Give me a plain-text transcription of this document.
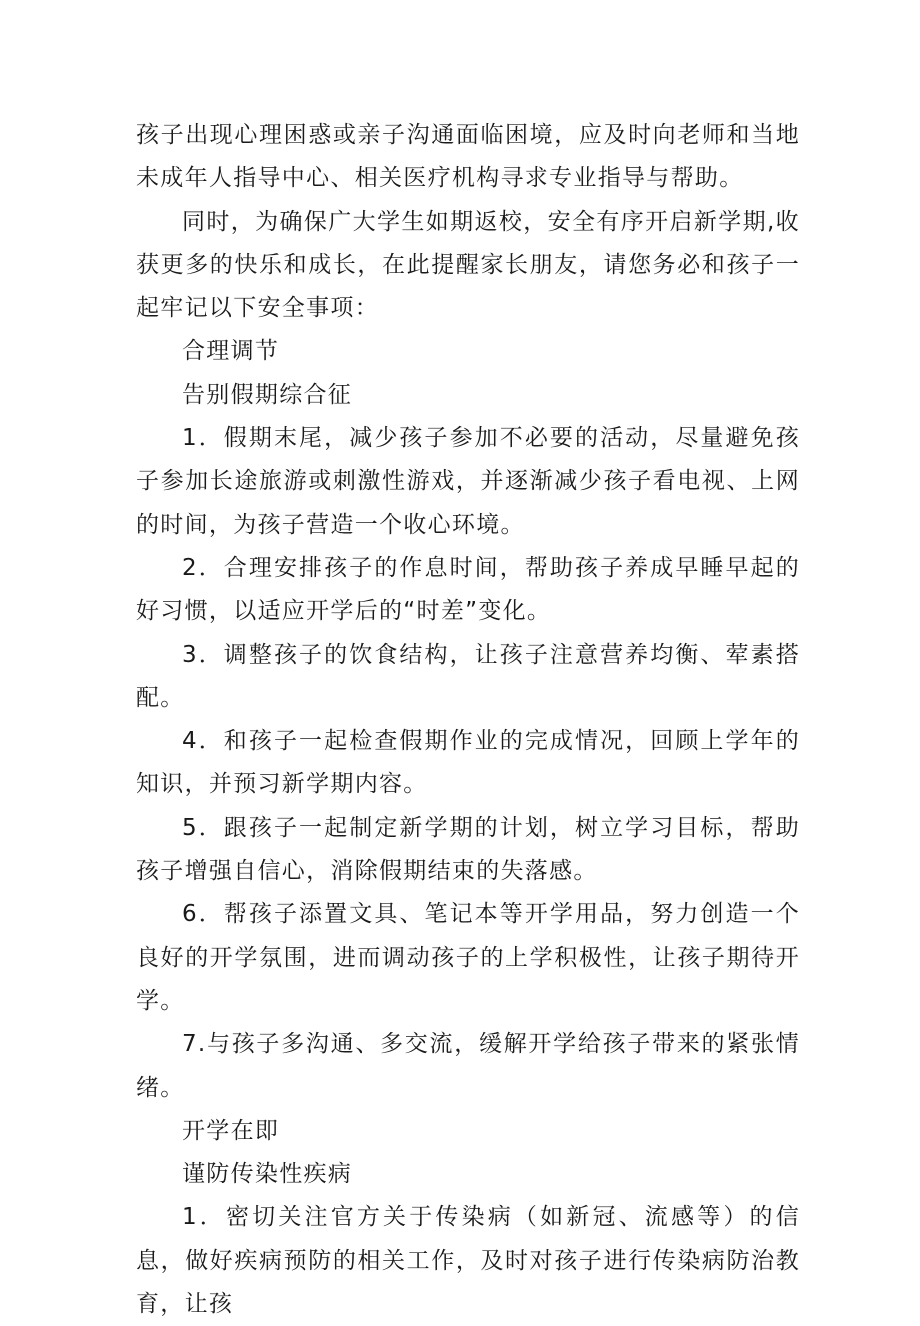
孩子出现心理困惑或亲子沟通面临困境，应及时向老师和当地未成年人指导中心、相关医疗机构寻求专业指导与帮助。

同时，为确保广大学生如期返校，安全有序开启新学期,收获更多的快乐和成长，在此提醒家长朋友，请您务必和孩子一起牢记以下安全事项：

合理调节

告别假期综合征

1．假期末尾，减少孩子参加不必要的活动，尽量避免孩子参加长途旅游或刺激性游戏，并逐渐减少孩子看电视、上网的时间，为孩子营造一个收心环境。

2．合理安排孩子的作息时间，帮助孩子养成早睡早起的好习惯，以适应开学后的“时差”变化。

3．调整孩子的饮食结构，让孩子注意营养均衡、荤素搭配。

4．和孩子一起检查假期作业的完成情况，回顾上学年的知识，并预习新学期内容。

5．跟孩子一起制定新学期的计划，树立学习目标，帮助孩子增强自信心，消除假期结束的失落感。

6．帮孩子添置文具、笔记本等开学用品，努力创造一个良好的开学氛围，进而调动孩子的上学积极性，让孩子期待开学。

7.与孩子多沟通、多交流，缓解开学给孩子带来的紧张情绪。

开学在即

谨防传染性疾病

1．密切关注官方关于传染病（如新冠、流感等）的信息，做好疾病预防的相关工作，及时对孩子进行传染病防治教育，让孩
